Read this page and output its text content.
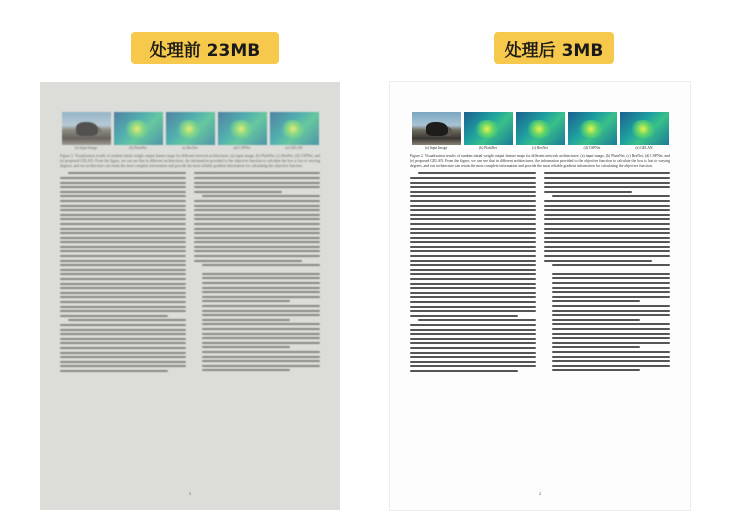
处理前 23MB	处理后 3MB
(a) Input Image	(b) PlainNet	(c) ResNet	(d) CSPNet	(e) GELAN
Figure 2. Visualization results of random initial weight output feature maps for different network architectures: (a) input image, (b) PlainNet, (c) ResNet, (d) CSPNet, and (e) proposed GELAN. From the figure, we can see that in different architectures, the information provided to the objective function to calculate the loss is lost to varying degrees, and our architecture can retain the most complete information and provide the most reliable gradient information for calculating the objective function.
1
(a) Input Image	(b) PlainNet	(c) ResNet	(d) CSPNet	(e) GELAN
Figure 2. Visualization results of random initial weight output feature maps for different network architectures: (a) input image, (b) PlainNet, (c) ResNet, (d) CSPNet, and (e) proposed GELAN. From the figure, we can see that in different architectures, the information provided to the objective function to calculate the loss is lost to varying degrees, and our architecture can retain the most complete information and provide the most reliable gradient information for calculating the objective function.
2
